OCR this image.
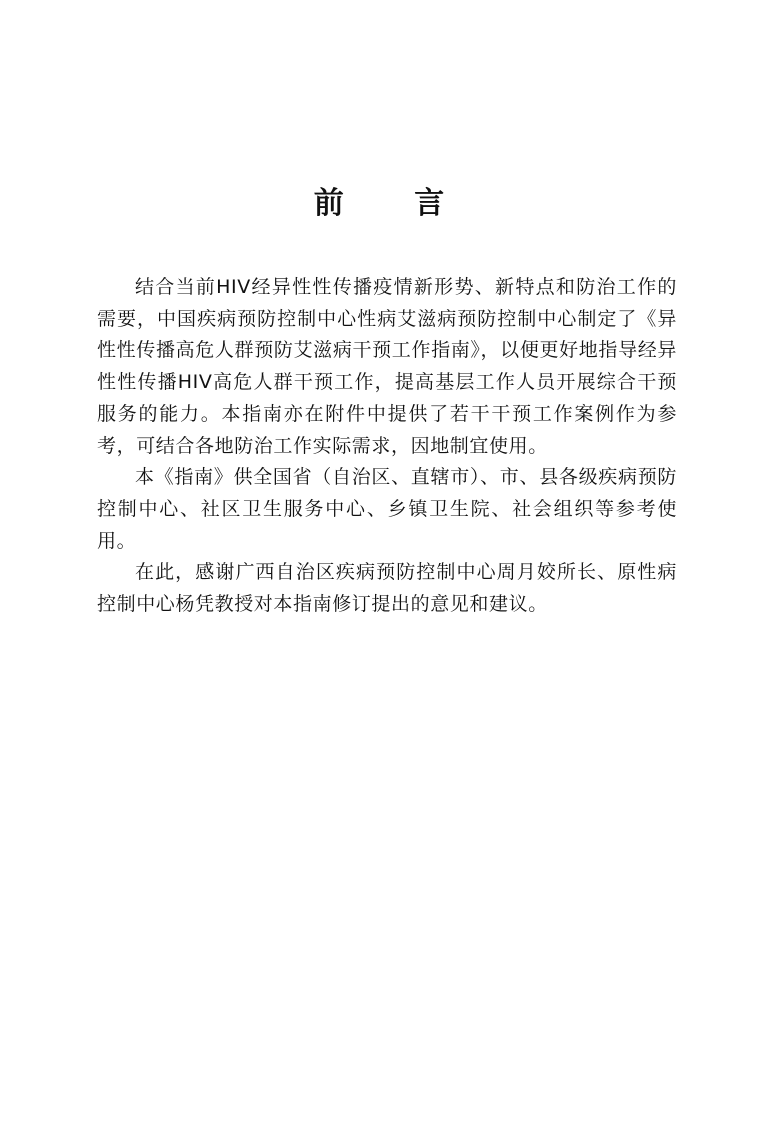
前 言

结合当前HIV经异性性传播疫情新形势、新特点和防治工作的需要，中国疾病预防控制中心性病艾滋病预防控制中心制定了《异性性传播高危人群预防艾滋病干预工作指南》，以便更好地指导经异性性传播HIV高危人群干预工作，提高基层工作人员开展综合干预服务的能力。本指南亦在附件中提供了若干干预工作案例作为参考，可结合各地防治工作实际需求，因地制宜使用。

本《指南》供全国省（自治区、直辖市）、市、县各级疾病预防控制中心、社区卫生服务中心、乡镇卫生院、社会组织等参考使用。

在此，感谢广西自治区疾病预防控制中心周月姣所长、原性病控制中心杨凭教授对本指南修订提出的意见和建议。
